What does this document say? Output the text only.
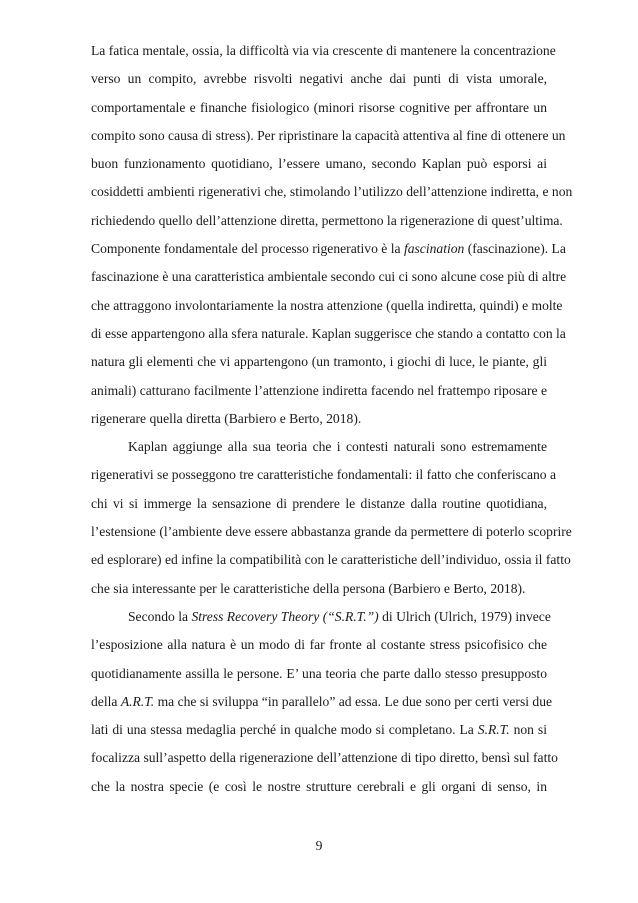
La fatica mentale, ossia, la difficoltà via via crescente di mantenere la concentrazione
verso un compito, avrebbe risvolti negativi anche dai punti di vista umorale,
comportamentale e finanche fisiologico (minori risorse cognitive per affrontare un
compito sono causa di stress). Per ripristinare la capacità attentiva al fine di ottenere un
buon funzionamento quotidiano, l’essere umano, secondo Kaplan può esporsi ai
cosiddetti ambienti rigenerativi che, stimolando l’utilizzo dell’attenzione indiretta, e non
richiedendo quello dell’attenzione diretta, permettono la rigenerazione di quest’ultima.
Componente fondamentale del processo rigenerativo è la fascination (fascinazione). La
fascinazione è una caratteristica ambientale secondo cui ci sono alcune cose più di altre
che attraggono involontariamente la nostra attenzione (quella indiretta, quindi) e molte
di esse appartengono alla sfera naturale. Kaplan suggerisce che stando a contatto con la
natura gli elementi che vi appartengono (un tramonto, i giochi di luce, le piante, gli
animali) catturano facilmente l’attenzione indiretta facendo nel frattempo riposare e
rigenerare quella diretta (Barbiero e Berto, 2018).
Kaplan aggiunge alla sua teoria che i contesti naturali sono estremamente
rigenerativi se posseggono tre caratteristiche fondamentali: il fatto che conferiscano a
chi vi si immerge la sensazione di prendere le distanze dalla routine quotidiana,
l’estensione (l’ambiente deve essere abbastanza grande da permettere di poterlo scoprire
ed esplorare) ed infine la compatibilità con le caratteristiche dell’individuo, ossia il fatto
che sia interessante per le caratteristiche della persona (Barbiero e Berto, 2018).
Secondo la Stress Recovery Theory (“S.R.T.”) di Ulrich (Ulrich, 1979) invece
l’esposizione alla natura è un modo di far fronte al costante stress psicofisico che
quotidianamente assilla le persone. E’ una teoria che parte dallo stesso presupposto
della A.R.T. ma che si sviluppa “in parallelo” ad essa. Le due sono per certi versi due
lati di una stessa medaglia perché in qualche modo si completano. La S.R.T. non si
focalizza sull’aspetto della rigenerazione dell’attenzione di tipo diretto, bensì sul fatto
che la nostra specie (e così le nostre strutture cerebrali e gli organi di senso, in
9
